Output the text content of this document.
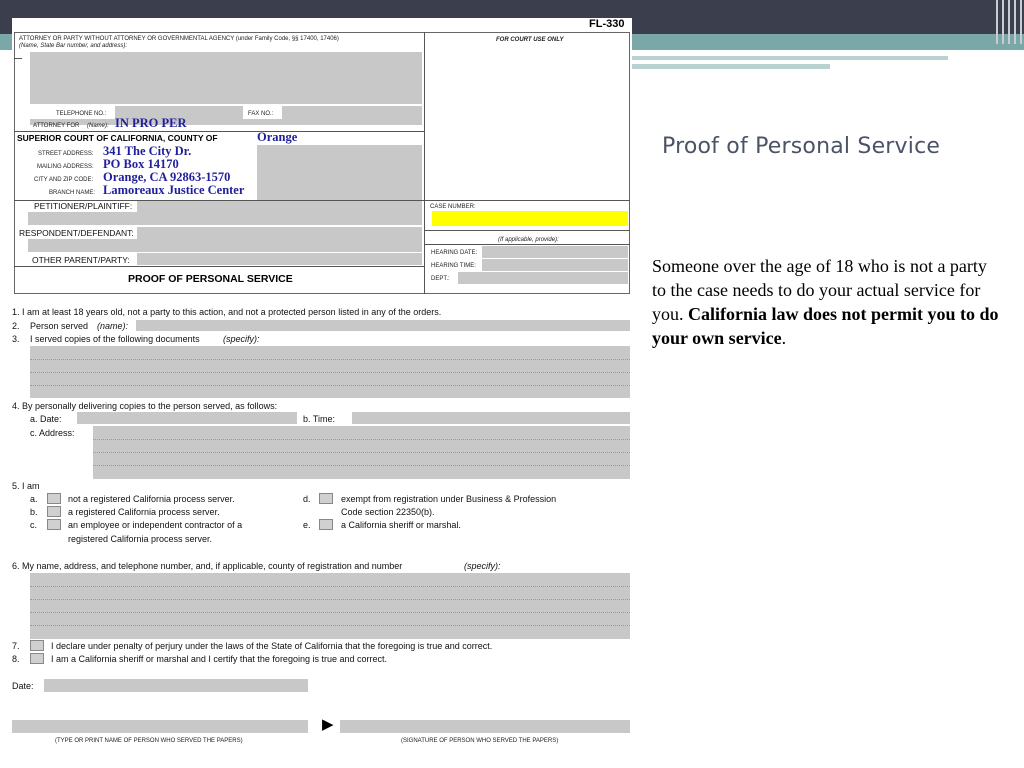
FL-330
ATTORNEY OR PARTY WITHOUT ATTORNEY OR GOVERNMENTAL AGENCY (under Family Code, §§ 17400, 17406)
(Name, State Bar number, and address):
FOR COURT USE ONLY
TELEPHONE NO.:	FAX NO.:
ATTORNEY FOR (Name): IN PRO PER
SUPERIOR COURT OF CALIFORNIA, COUNTY OF	Orange
STREET ADDRESS: 341 The City Dr.
MAILING ADDRESS: PO Box 14170
CITY AND ZIP CODE: Orange, CA 92863-1570
BRANCH NAME: Lamoreaux Justice Center
PETITIONER/PLAINTIFF:
RESPONDENT/DEFENDANT:
OTHER PARENT/PARTY:
CASE NUMBER:
(If applicable, provide):
HEARING DATE:
HEARING TIME:
DEPT.:
PROOF OF PERSONAL SERVICE
1. I am at least 18 years old, not a party to this action, and not a protected person listed in any of the orders.
2. Person served (name):
3. I served copies of the following documents	(specify):
4. By personally delivering copies to the person served, as follows:
a. Date:	b. Time:
c. Address:
5. I am
a.	not a registered California process server.
b.	a registered California process server.
c.	an employee or independent contractor of a
registered California process server.
d.	exempt from registration under Business & Profession
Code section 22350(b).
e.	a California sheriff or marshal.
6. My name, address, and telephone number, and, if applicable, county of registration and number	(specify):
7.	I declare under penalty of perjury under the laws of the State of California that the foregoing is true and correct.
8.	I am a California sheriff or marshal and I certify that the foregoing is true and correct.
Date:
▶
(TYPE OR PRINT NAME OF PERSON WHO SERVED THE PAPERS)	(SIGNATURE OF PERSON WHO SERVED THE PAPERS)
Proof of Personal Service
Someone over the age of 18 who is not a party to the case needs to do your actual service for you. California law does not permit you to do your own service.
